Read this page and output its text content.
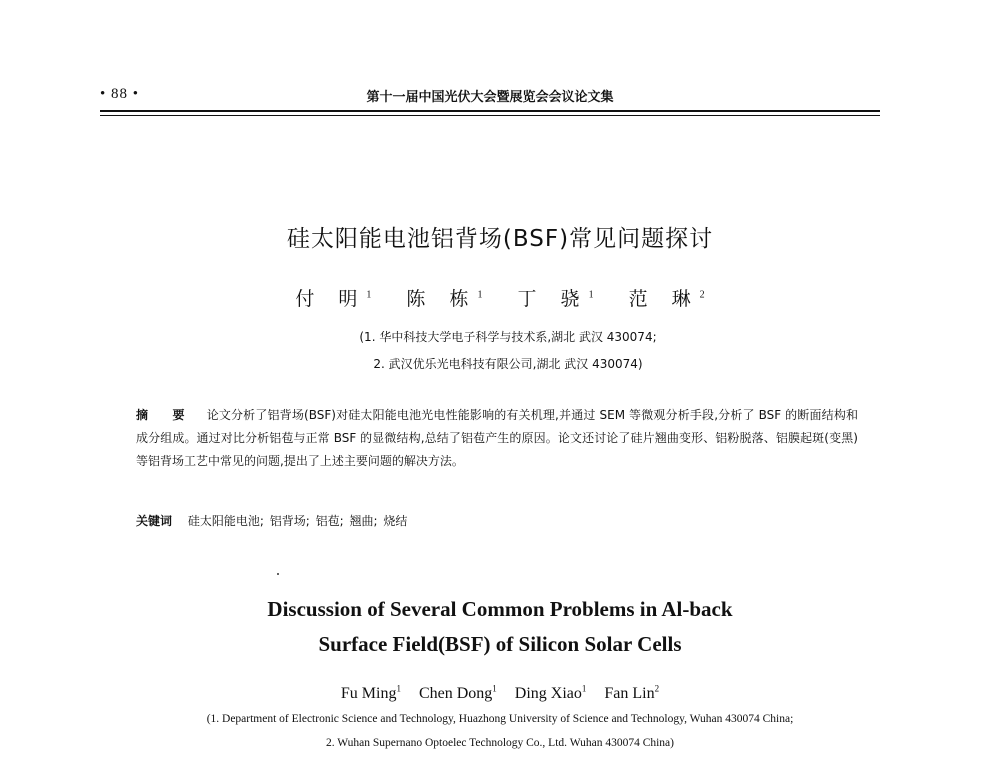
• 88 •	第十一届中国光伏大会暨展览会会议论文集
硅太阳能电池铝背场(BSF)常见问题探讨
付 明$^1$ 陈 栋$^1$ 丁 骁$^1$ 范 琳$^2$
(1. 华中科技大学电子科学与技术系,湖北 武汉 430074;
2. 武汉优乐光电科技有限公司,湖北 武汉 430074)
摘 要 论文分析了铝背场(BSF)对硅太阳能电池光电性能影响的有关机理,并通过 SEM 等微观分析手段,分析了 BSF 的断面结构和成分组成。通过对比分析铝苞与正常 BSF 的显微结构,总结了铝苞产生的原因。论文还讨论了硅片翘曲变形、铝粉脱落、铝膜起斑(变黑)等铝背场工艺中常见的问题,提出了上述主要问题的解决方法。
关键词 硅太阳能电池; 铝背场; 铝苞; 翘曲; 烧结
Discussion of Several Common Problems in Al-back
Surface Field(BSF) of Silicon Solar Cells
Fu Ming$^1$ Chen Dong$^1$ Ding Xiao$^1$ Fan Lin$^2$
(1. Department of Electronic Science and Technology, Huazhong University of Science and Technology, Wuhan 430074 China;
2. Wuhan Supernano Optoelec Technology Co., Ltd. Wuhan 430074 China)
